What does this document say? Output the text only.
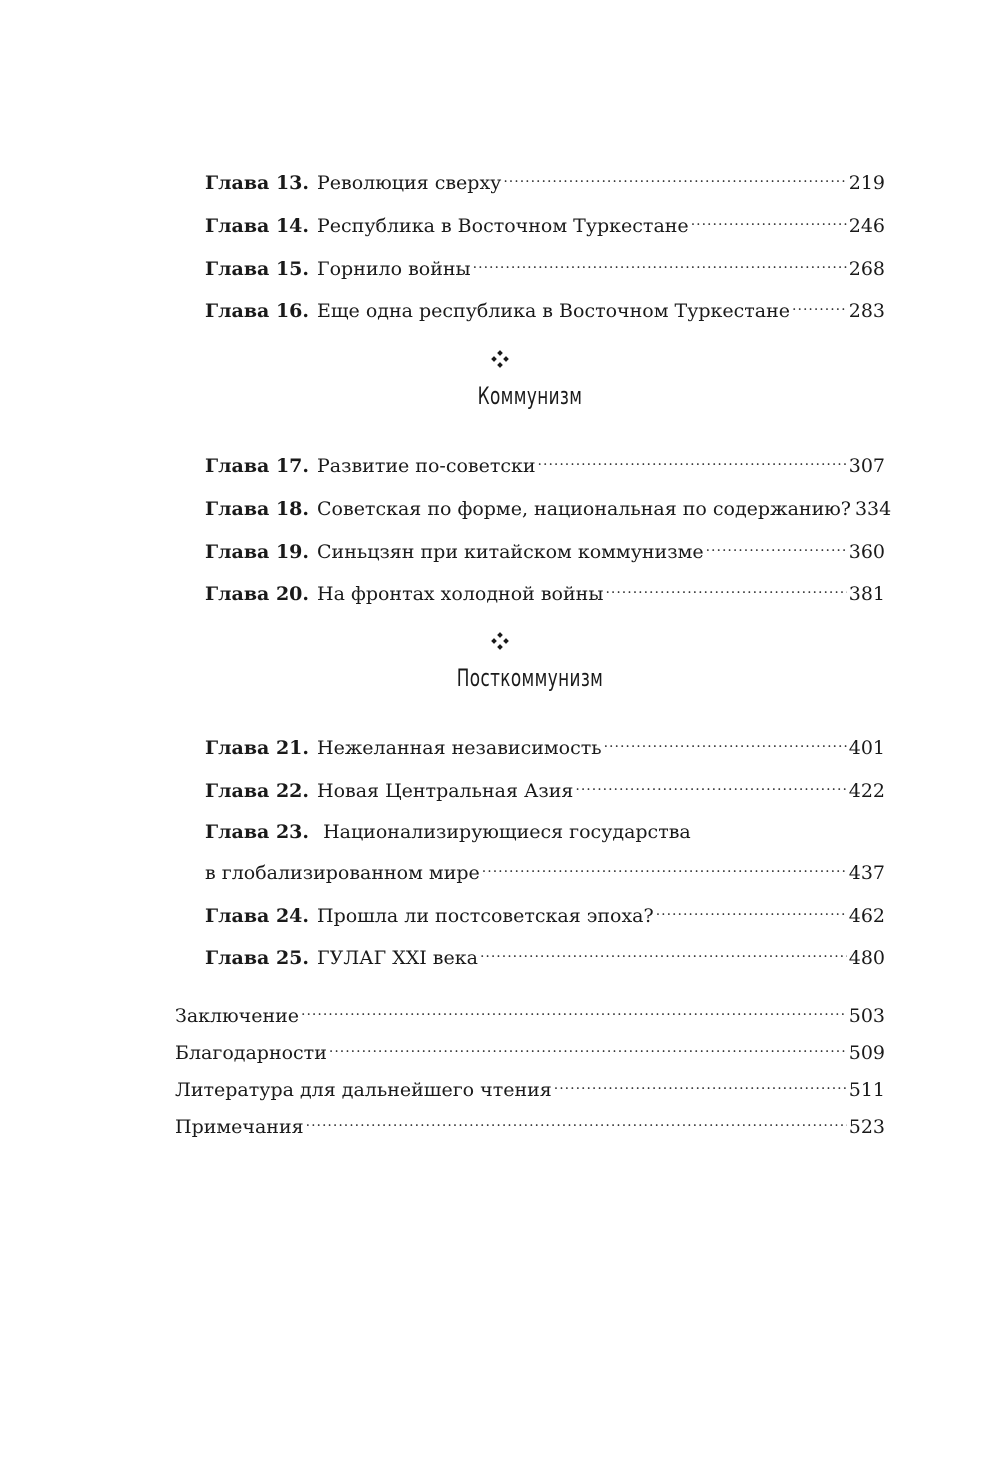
Глава 13. Революция сверху .....	219
Глава 14. Республика в Восточном Туркестане .....	246
Глава 15. Горнило войны .....	268
Глава 16. Еще одна республика в Восточном Туркестане .....	283
Коммунизм
Глава 17. Развитие по-советски .....	307
Глава 18. Советская по форме, национальная по содержанию? 334
Глава 19. Синьцзян при китайском коммунизме .....	360
Глава 20. На фронтах холодной войны .....	381
Посткоммунизм
Глава 21. Нежеланная независимость .....	401
Глава 22. Новая Центральная Азия .....	422
Глава 23. Национализирующиеся государства
в глобализированном мире .....	437
Глава 24. Прошла ли постсоветская эпоха? .....	462
Глава 25. ГУЛАГ XXI века .....	480
Заключение .....	503
Благодарности .....	509
Литература для дальнейшего чтения .....	511
Примечания .....	523
